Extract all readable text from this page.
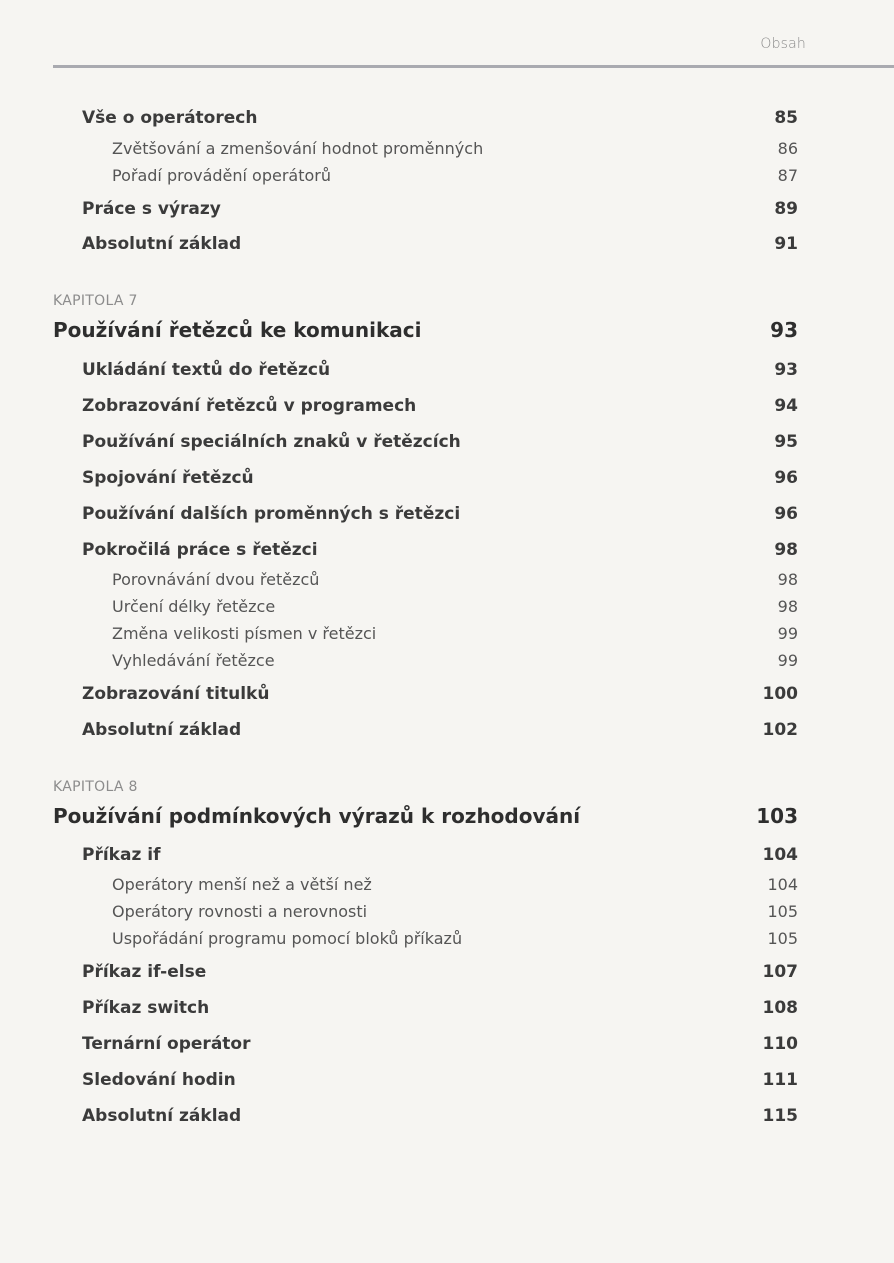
Obsah
Vše o operátorech	85
Zvětšování a zmenšování hodnot proměnných	86
Pořadí provádění operátorů	87
Práce s výrazy	89
Absolutní základ	91
KAPITOLA 7
Používání řetězců ke komunikaci	93
Ukládání textů do řetězců	93
Zobrazování řetězců v programech	94
Používání speciálních znaků v řetězcích	95
Spojování řetězců	96
Používání dalších proměnných s řetězci	96
Pokročilá práce s řetězci	98
Porovnávání dvou řetězců	98
Určení délky řetězce	98
Změna velikosti písmen v řetězci	99
Vyhledávání řetězce	99
Zobrazování titulků	100
Absolutní základ	102
KAPITOLA 8
Používání podmínkových výrazů k rozhodování	103
Příkaz if	104
Operátory menší než a větší než	104
Operátory rovnosti a nerovnosti	105
Uspořádání programu pomocí bloků příkazů	105
Příkaz if-else	107
Příkaz switch	108
Ternární operátor	110
Sledování hodin	111
Absolutní základ	115
